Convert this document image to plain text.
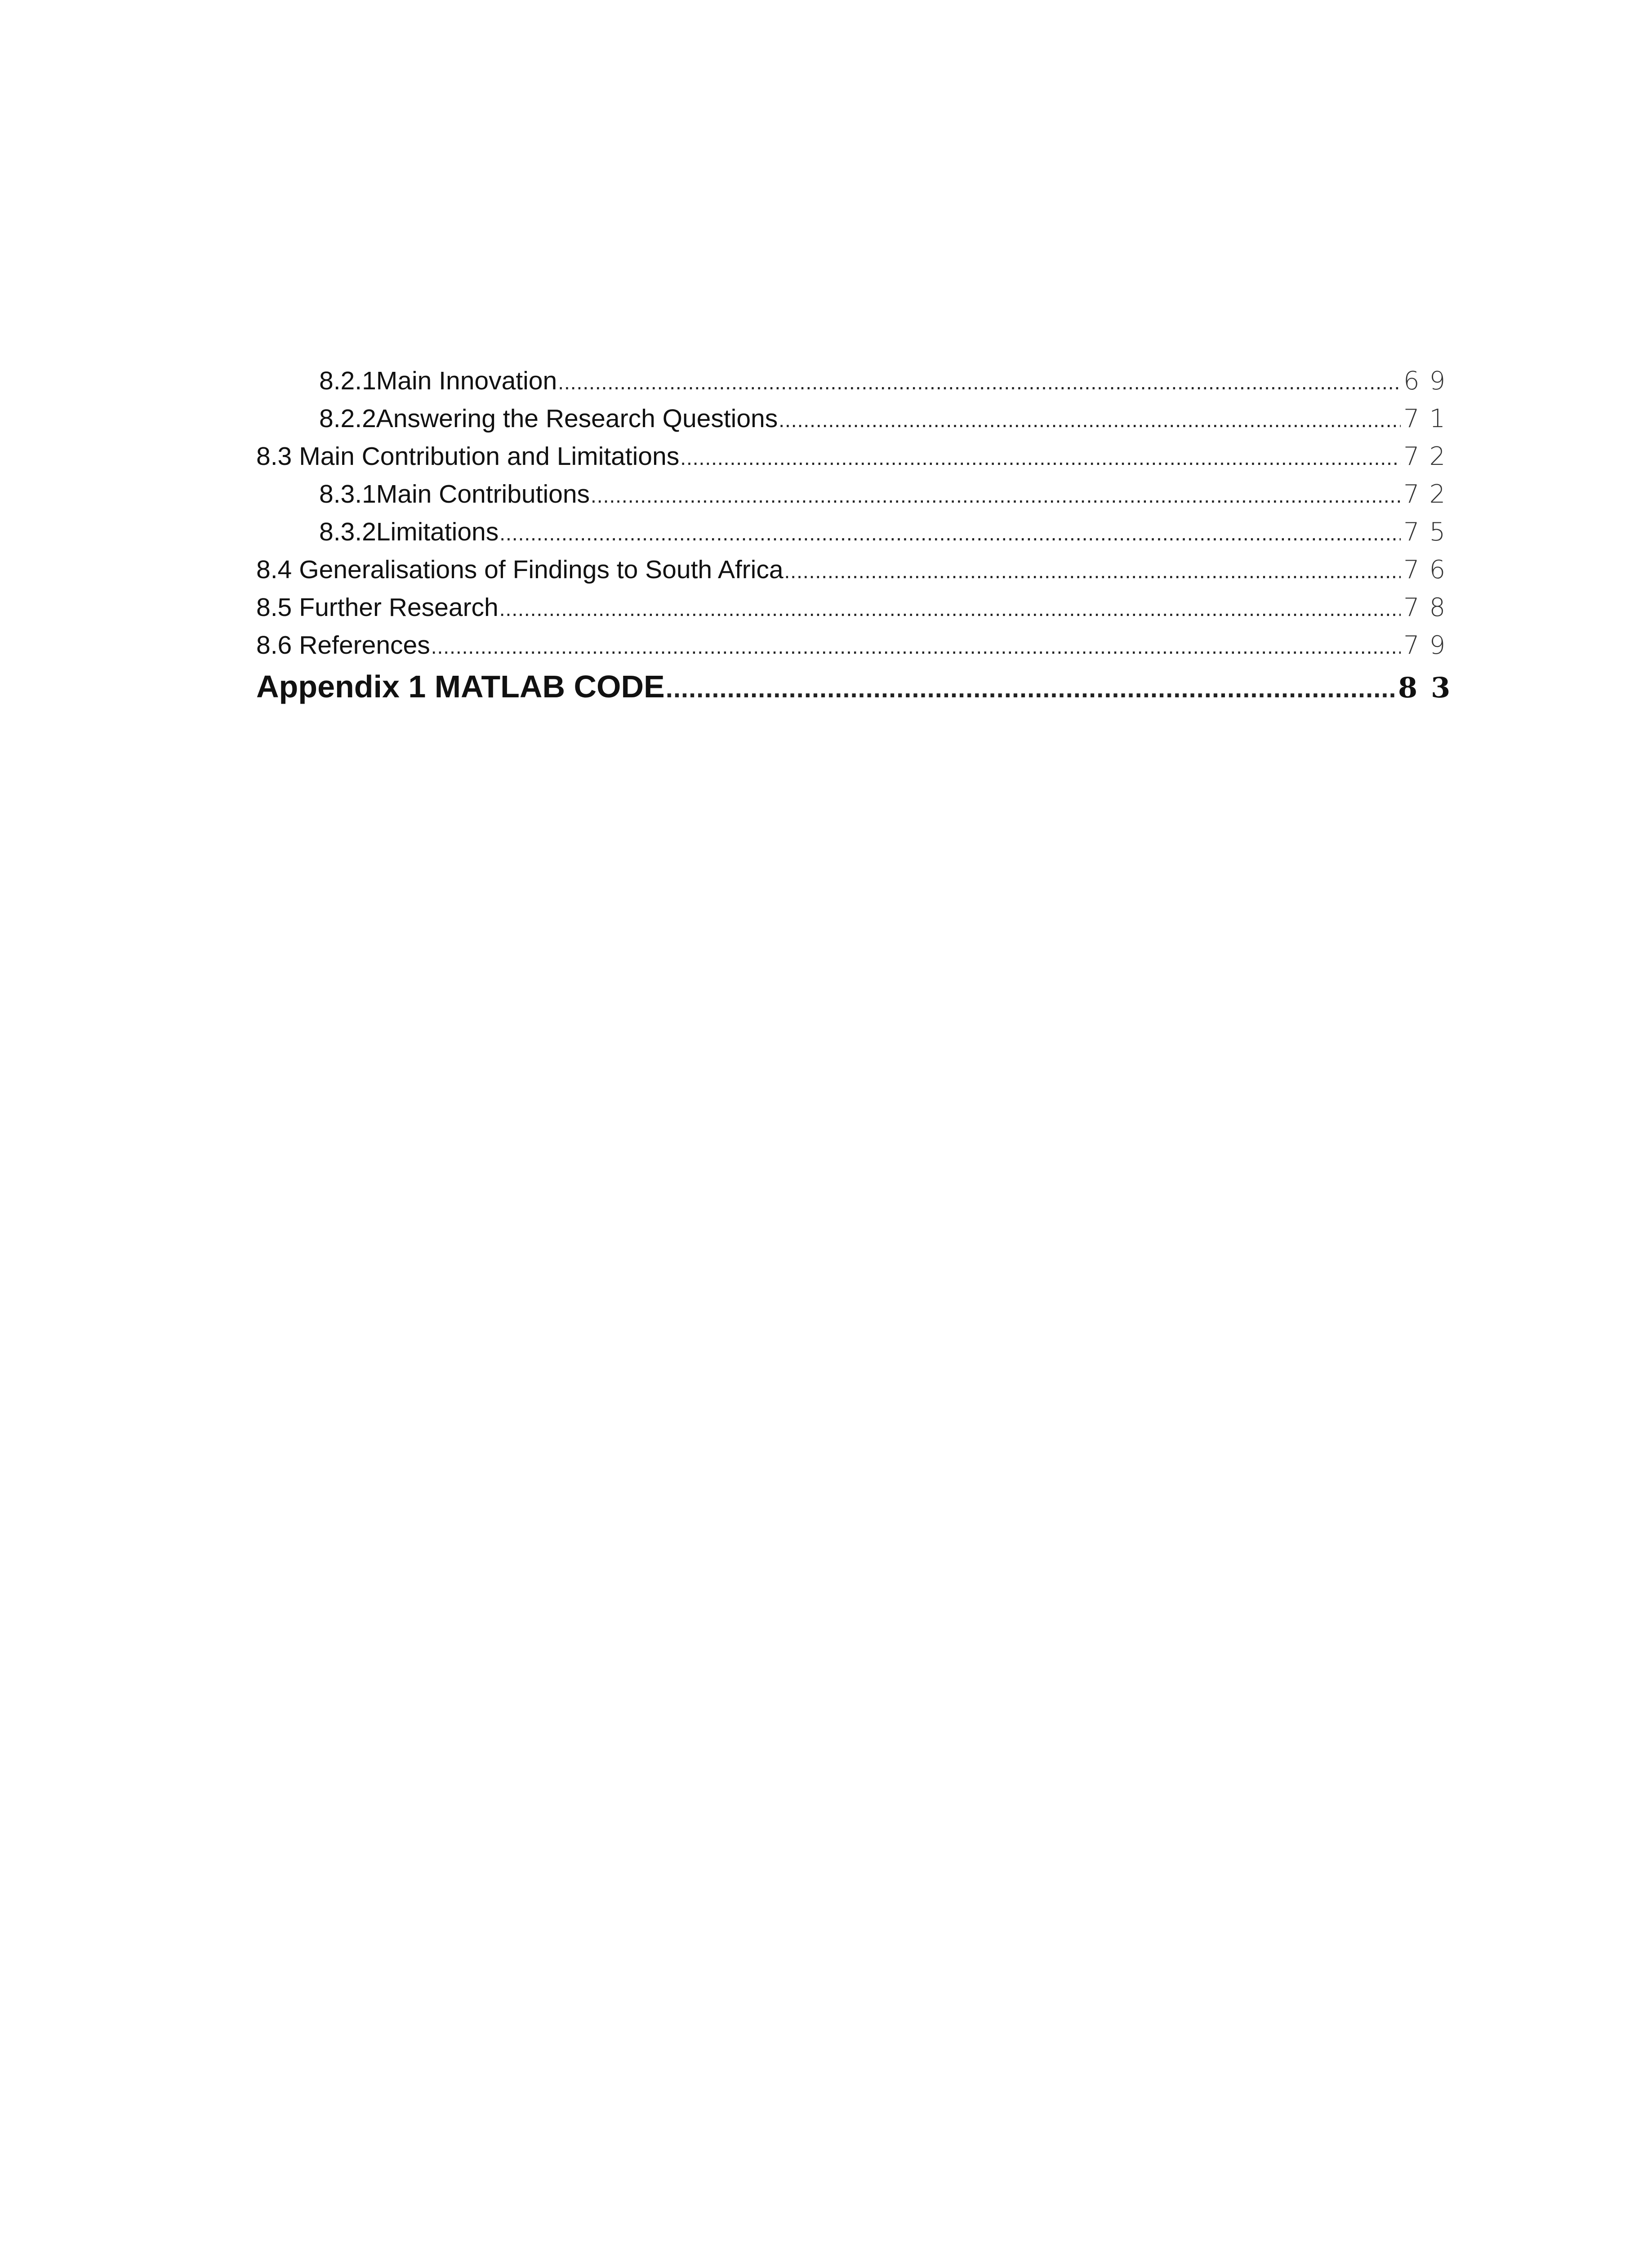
8.2.1 Main Innovation .....	69
8.2.2 Answering the Research Questions .....	71
8.3 Main Contribution and Limitations .....	72
8.3.1 Main Contributions .....	72
8.3.2 Limitations .....	75
8.4 Generalisations of Findings to South Africa .....	76
8.5 Further Research .....	78
8.6 References .....	79
Appendix 1 MATLAB CODE .....	83
